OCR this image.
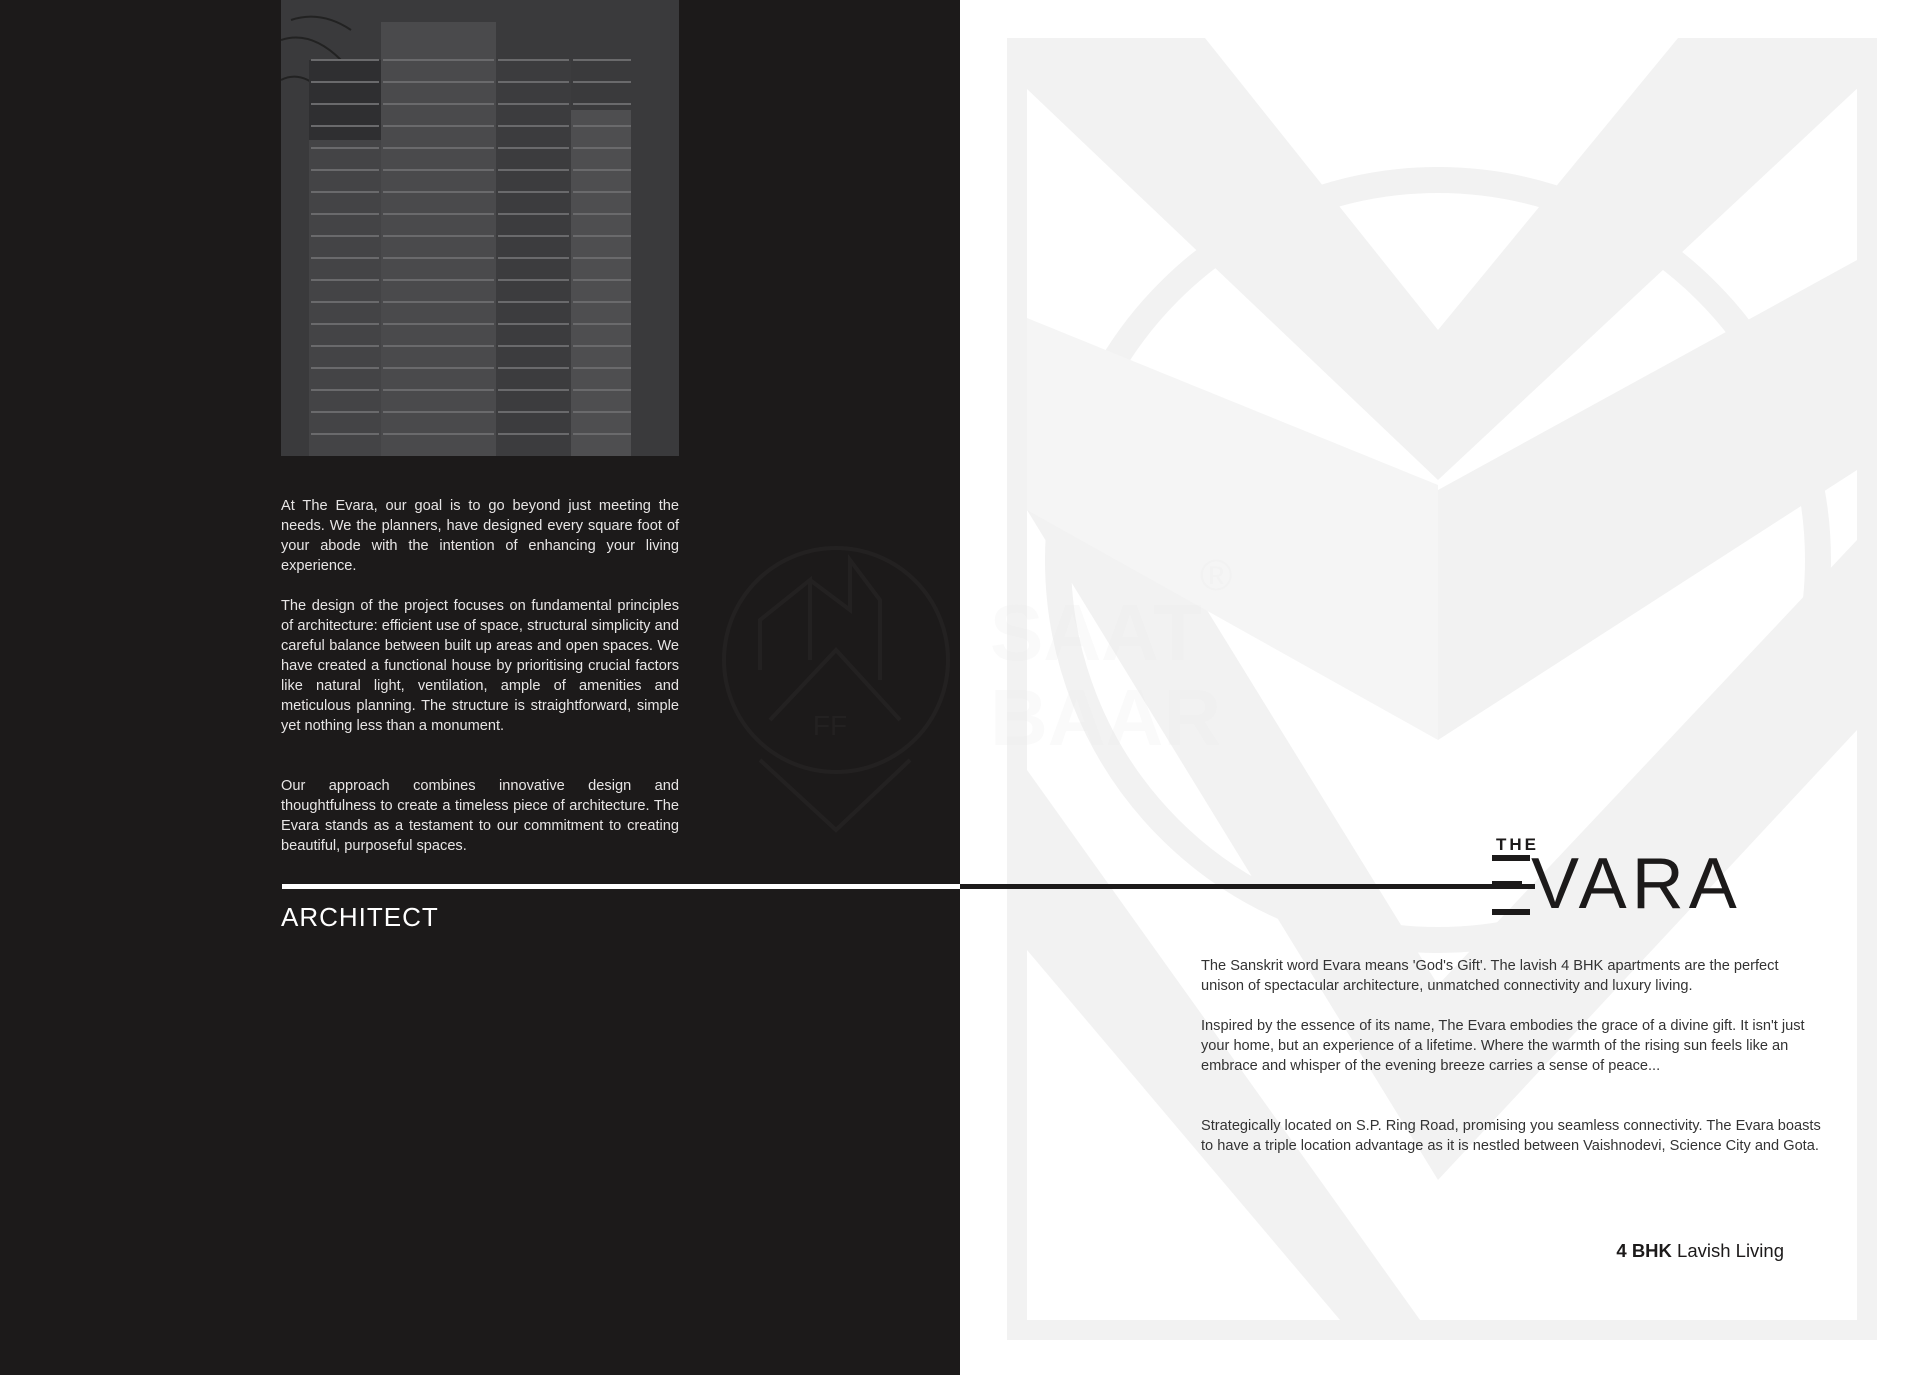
At The Evara, our goal is to go beyond just meeting the needs. We the planners, have designed every square foot of your abode with the intention of enhancing your living experience.

The design of the project focuses on fundamental principles of architecture: efficient use of space, structural simplicity and careful balance between built up areas and open spaces. We have created a functional house by prioritising crucial factors like natural light, ventilation, ample of amenities and meticulous planning. The structure is straightforward, simple yet nothing less than a monument.

Our approach combines innovative design and thoughtfulness to create a timeless piece of architecture. The Evara stands as a testament to our commitment to creating beautiful, purposeful spaces.

ARCHITECT
THE
VARA

The Sanskrit word Evara means 'God's Gift'. The lavish 4 BHK apartments are the perfect unison of spectacular architecture, unmatched connectivity and luxury living.

Inspired by the essence of its name, The Evara embodies the grace of a divine gift. It isn't just your home, but an experience of a lifetime. Where the warmth of the rising sun feels like an embrace and whisper of the evening breeze carries a sense of peace...

Strategically located on S.P. Ring Road, promising you seamless connectivity. The Evara boasts to have a triple location advantage as it is nestled between Vaishnodevi, Science City and Gota.

4 BHK Lavish Living
FF
SAAT
BAAR
®
